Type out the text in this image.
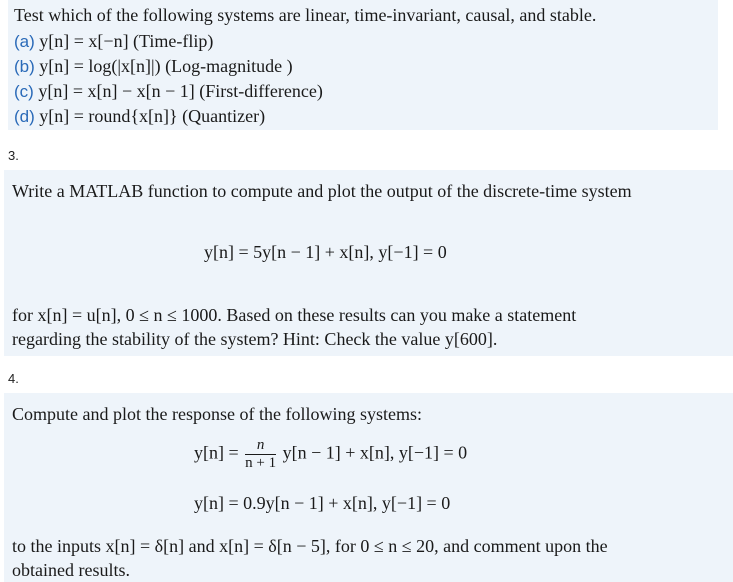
Test which of the following systems are linear, time-invariant, causal, and stable.
(a) y[n] = x[−n] (Time-flip)
(b) y[n] = log(|x[n]|) (Log-magnitude )
(c) y[n] = x[n] − x[n − 1] (First-difference)
(d) y[n] = round{x[n]} (Quantizer)
3.
Write a MATLAB function to compute and plot the output of the discrete-time system
y[n] = 5y[n − 1] + x[n], y[−1] = 0
for x[n] = u[n], 0 ≤ n ≤ 1000. Based on these results can you make a statement
regarding the stability of the system? Hint: Check the value y[600].
4.
Compute and plot the response of the following systems:
$y[n] = \frac{n}{n + 1} y[n - 1] + x[n]$, y[−1] = 0
y[n] = 0.9y[n − 1] + x[n], y[−1] = 0
to the inputs x[n] = δ[n] and x[n] = δ[n − 5], for 0 ≤ n ≤ 20, and comment upon the
obtained results.
